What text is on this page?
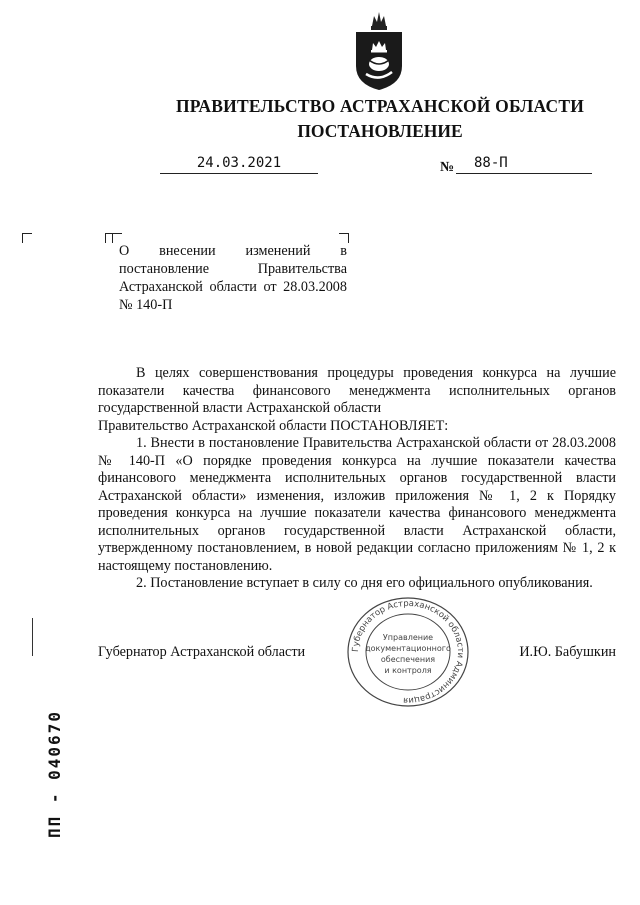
ПРАВИТЕЛЬСТВО АСТРАХАНСКОЙ ОБЛАСТИ
ПОСТАНОВЛЕНИЕ
24.03.2021	№	88-П
О внесении изменений в постановление Правительства Астраханской области от 28.03.2008 № 140-П

В целях совершенствования процедуры проведения конкурса на лучшие показатели качества финансового менеджмента исполнительных органов государственной власти Астраханской области

Правительство Астраханской области ПОСТАНОВЛЯЕТ:

1. Внести в постановление Правительства Астраханской области от 28.03.2008 № 140-П «О порядке проведения конкурса на лучшие показатели качества финансового менеджмента исполнительных органов государственной власти Астраханской области» изменения, изложив приложения № 1, 2 к Порядку проведения конкурса на лучшие показатели качества финансового менеджмента исполнительных органов государственной власти Астраханской области, утвержденному постановлением, в новой редакции согласно приложениям № 1, 2 к настоящему постановлению.

2. Постановление вступает в силу со дня его официального опубликования.

Губернатор Астраханской области	И.Ю. Бабушкин
Губернатор Астраханской области Администрация
Управление
документационного
обеспечения
и контроля
ПП - 040670
